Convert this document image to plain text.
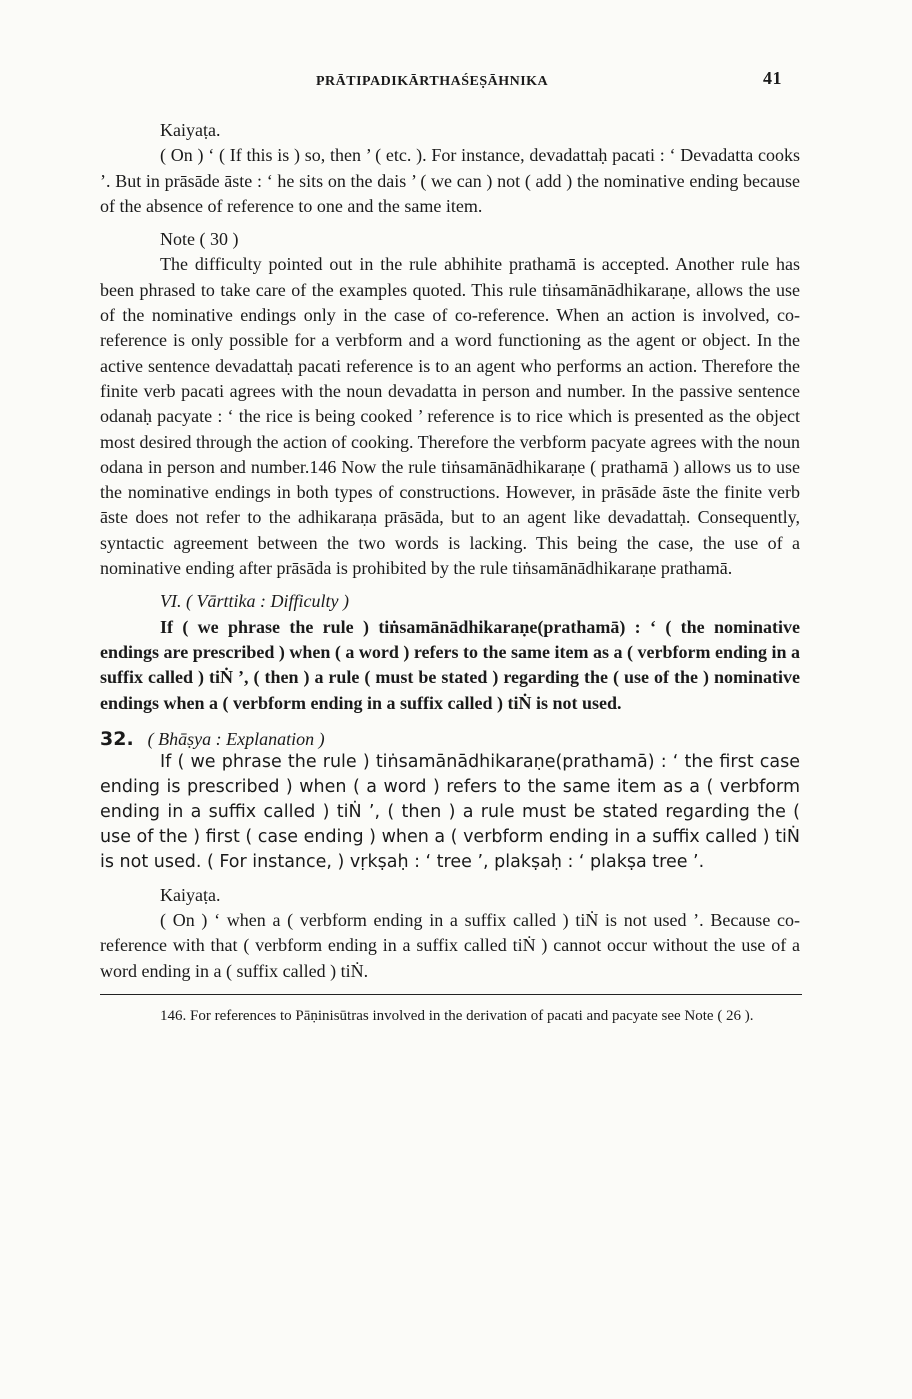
PRĀTIPADIKĀRTHAŚEṢĀHNIKA	41

Kaiyaṭa.

( On ) ‘ ( If this is ) so, then ’ ( etc. ). For instance, devadattaḥ pacati : ‘ Devadatta cooks ’. But in prāsāde āste : ‘ he sits on the dais ’ ( we can ) not ( add ) the nominative ending because of the absence of reference to one and the same item.

Note ( 30 )

The difficulty pointed out in the rule abhihite prathamā is accepted. Another rule has been phrased to take care of the examples quoted. This rule tiṅsamānādhikaraṇe, allows the use of the nominative endings only in the case of co-reference. When an action is involved, co-reference is only possible for a verbform and a word functioning as the agent or object. In the active sentence devadattaḥ pacati reference is to an agent who performs an action. Therefore the finite verb pacati agrees with the noun devadatta in person and number. In the passive sentence odanaḥ pacyate : ‘ the rice is being cooked ’ reference is to rice which is presented as the object most desired through the action of cooking. Therefore the verbform pacyate agrees with the noun odana in person and number.146 Now the rule tiṅsamānādhikaraṇe ( prathamā ) allows us to use the nominative endings in both types of constructions. However, in prāsāde āste the finite verb āste does not refer to the adhikaraṇa prāsāda, but to an agent like devadattaḥ. Consequently, syntactic agreement between the two words is lacking. This being the case, the use of a nominative ending after prāsāda is prohibited by the rule tiṅsamānādhikaraṇe prathamā.

VI. ( Vārttika : Difficulty )

If ( we phrase the rule ) tiṅsamānādhikaraṇe(prathamā) : ‘ ( the nominative endings are prescribed ) when ( a word ) refers to the same item as a ( verbform ending in a suffix called ) tiṄ ’, ( then ) a rule ( must be stated ) regarding the ( use of the ) nominative endings when a ( verbform ending in a suffix called ) tiṄ is not used.

32. ( Bhāṣya : Explanation )

If ( we phrase the rule ) tiṅsamānādhikaraṇe(prathamā) : ‘ the first case ending is prescribed ) when ( a word ) refers to the same item as a ( verbform ending in a suffix called ) tiṄ ’, ( then ) a rule must be stated regarding the ( use of the ) first ( case ending ) when a ( verbform ending in a suffix called ) tiṄ is not used. ( For instance, ) vṛkṣaḥ : ‘ tree ’, plakṣaḥ : ‘ plakṣa tree ’.

Kaiyaṭa.

( On ) ‘ when a ( verbform ending in a suffix called ) tiṄ is not used ’. Because co-reference with that ( verbform ending in a suffix called tiṄ ) cannot occur without the use of a word ending in a ( suffix called ) tiṄ.

146. For references to Pāṇinisūtras involved in the derivation of pacati and pacyate see Note ( 26 ).
